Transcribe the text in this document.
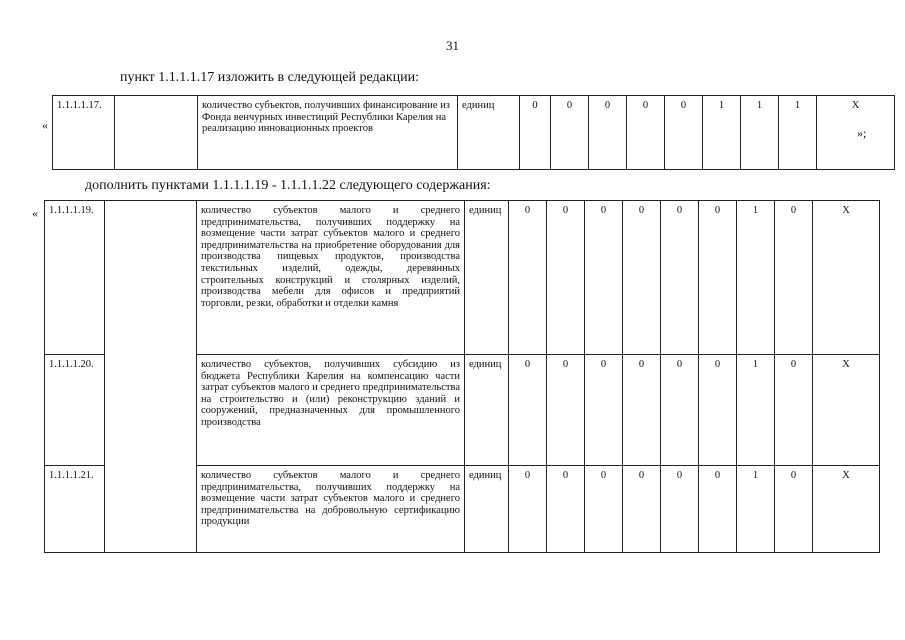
31
пункт 1.1.1.1.17 изложить в следующей редакции:
«
»;
1.1.1.1.17.		количество субъектов, получивших финансирование из Фонда венчурных инвестиций Республики Карелия на реализацию инновационных проектов	единиц	0	0	0	0	0	1	1	1	X
дополнить пунктами 1.1.1.1.19 - 1.1.1.1.22 следующего содержания:
« 1.1.1.1.19.		количество субъектов малого и среднего предпринимательства, получивших поддержку на возмещение части затрат субъектов малого и среднего предпринимательства на приобретение оборудования для производства пищевых продуктов, производства текстильных изделий, одежды, деревянных строительных конструкций и столярных изделий, производства мебели для офисов и предприятий торговли, резки, обработки и отделки камня	единиц	0	0	0	0	0	0	1	0	X
1.1.1.1.20.		количество субъектов, получивших субсидию из бюджета Республики Карелия на компенсацию части затрат субъектов малого и среднего предпринимательства на строительство и (или) реконструкцию зданий и сооружений, предназначенных для промышленного производства	единиц	0	0	0	0	0	0	1	0	X
1.1.1.1.21.		количество субъектов малого и среднего предпринимательства, получивших поддержку на возмещение части затрат субъектов малого и среднего предпринимательства на добровольную сертификацию продукции	единиц	0	0	0	0	0	0	1	0	X
